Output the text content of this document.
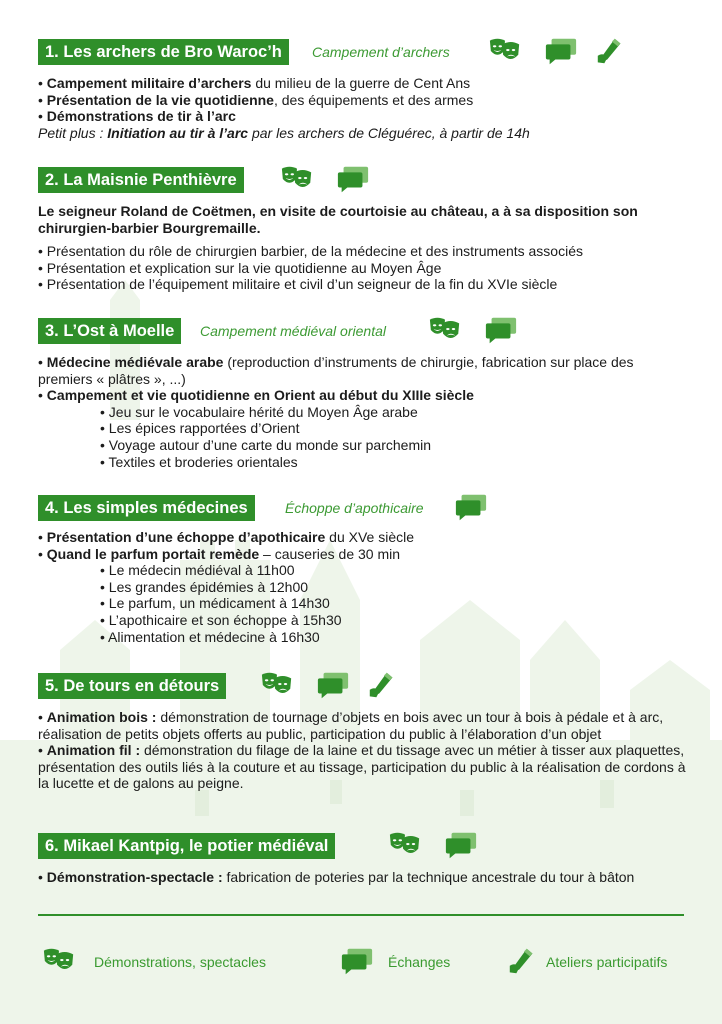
1. Les archers de Bro Waroc’h	Campement d’archers
• Campement militaire d’archers du milieu de la guerre de Cent Ans
• Présentation de la vie quotidienne, des équipements et des armes
• Démonstrations de tir à l’arc
Petit plus : Initiation au tir à l’arc par les archers de Cléguérec, à partir de 14h
2. La Maisnie Penthièvre
Le seigneur Roland de Coëtmen, en visite de courtoisie au château, a à sa disposition son chirurgien-barbier Bourgremaille.
• Présentation du rôle de chirurgien barbier, de la médecine et des instruments associés
• Présentation et explication sur la vie quotidienne au Moyen Âge
• Présentation de l’équipement militaire et civil d’un seigneur de la fin du XVIe siècle
3. L’Ost à Moelle	Campement médiéval oriental
• Médecine médiévale arabe (reproduction d’instruments de chirurgie, fabrication sur place des premiers « plâtres », ...)
• Campement et vie quotidienne en Orient au début du XIIIe siècle
• Jeu sur le vocabulaire hérité du Moyen Âge arabe
• Les épices rapportées d’Orient
• Voyage autour d’une carte du monde sur parchemin
• Textiles et broderies orientales
4. Les simples médecines	Échoppe d’apothicaire
• Présentation d’une échoppe d’apothicaire du XVe siècle
• Quand le parfum portait remède – causeries de 30 min
• Le médecin médiéval à 11h00
• Les grandes épidémies à 12h00
• Le parfum, un médicament à 14h30
• L’apothicaire et son échoppe à 15h30
• Alimentation et médecine à 16h30
5. De tours en détours
• Animation bois : démonstration de tournage d’objets en bois avec un tour à bois à pédale et à arc, réalisation de petits objets offerts au public, participation du public à l’élaboration d’un objet
• Animation fil : démonstration du filage de la laine et du tissage avec un métier à tisser aux plaquettes, présentation des outils liés à la couture et au tissage, participation du public à la réalisation de cordons à la lucette et de galons au peigne.
6. Mikael Kantpig, le potier médiéval
• Démonstration-spectacle : fabrication de poteries par la technique ancestrale du tour à bâton
Démonstrations, spectacles	Échanges	Ateliers participatifs
